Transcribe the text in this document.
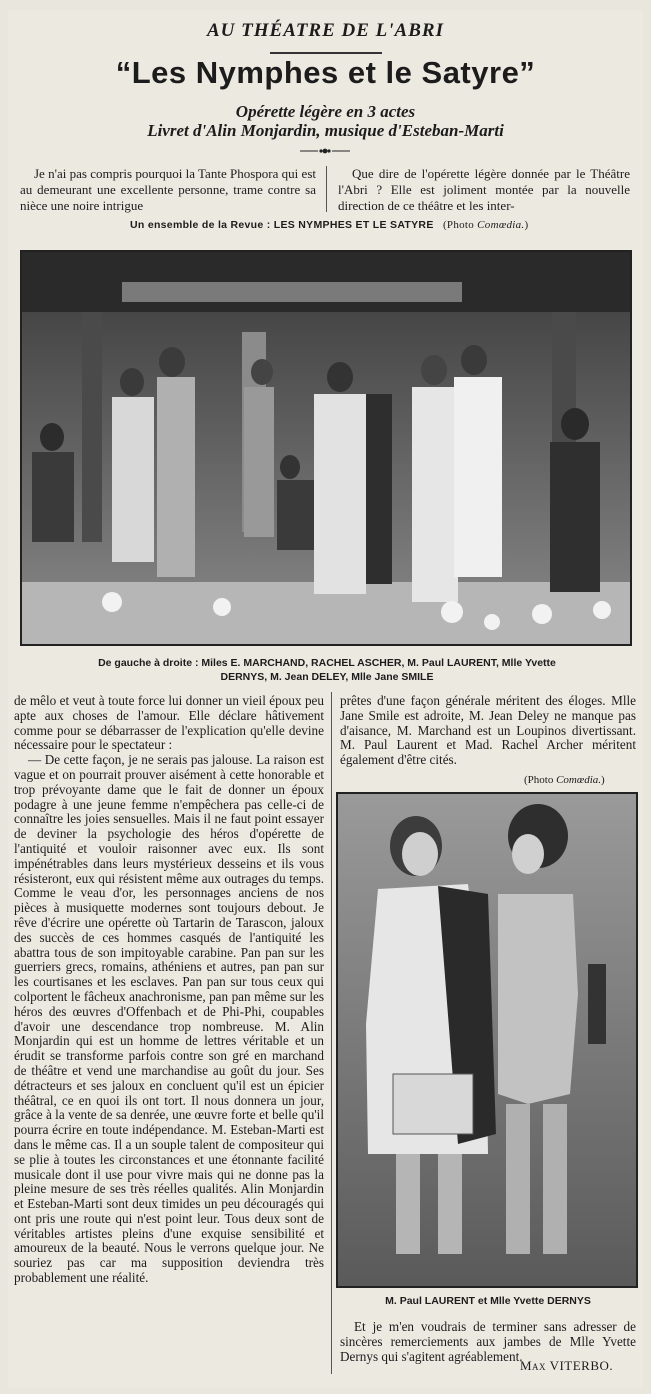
AU THÉATRE DE L'ABRI
“Les Nymphes et le Satyre”
Opérette légère en 3 actes
Livret d'Alin Monjardin, musique d'Esteban-Marti
Je n'ai pas compris pourquoi la Tante Phospora qui est au demeurant une excellente personne, trame contre sa nièce une noire intrigue
Que dire de l'opérette légère donnée par le Théâtre l'Abri ? Elle est joliment montée par la nouvelle direction de ce théâtre et les inter-
Un ensemble de la Revue : LES NYMPHES ET LE SATYRE (Photo Comœdia.)
De gauche à droite : Miles E. MARCHAND, RACHEL ASCHER, M. Paul LAURENT, Mlle Yvette
DERNYS, M. Jean DELEY, Mlle Jane SMILE

de mêlo et veut à toute force lui donner un vieil époux peu apte aux choses de l'amour. Elle déclare hâtivement comme pour se débarrasser de l'explication qu'elle devine nécessaire pour le spectateur :

— De cette façon, je ne serais pas jalouse. La raison est vague et on pourrait prouver aisément à cette honorable et trop prévoyante dame que le fait de donner un époux podagre à une jeune femme n'empêchera pas celle-ci de connaître les joies sensuelles. Mais il ne faut point essayer de deviner la psychologie des héros d'opérette de l'antiquité et vouloir raisonner avec eux. Ils sont impénétrables dans leurs mystérieux desseins et ils vous résisteront, eux qui résistent même aux outrages du temps. Comme le veau d'or, les personnages anciens de nos pièces à musiquette modernes sont toujours debout. Je rêve d'écrire une opérette où Tartarin de Tarascon, jaloux des succès de ces hommes casqués de l'antiquité les abattra tous de son impitoyable carabine. Pan pan sur les guerriers grecs, romains, athéniens et autres, pan pan sur les courtisanes et les esclaves. Pan pan sur tous ceux qui colportent le fâcheux anachronisme, pan pan même sur les héros des œuvres d'Offenbach et de Phi-Phi, coupables d'avoir une descendance trop nombreuse. M. Alin Monjardin qui est un homme de lettres véritable et un érudit se transforme parfois contre son gré en marchand de théâtre et vend une marchandise au goût du jour. Ses détracteurs et ses jaloux en concluent qu'il est un épicier théâtral, ce en quoi ils ont tort. Il nous donnera un jour, grâce à la vente de sa denrée, une œuvre forte et belle qu'il pourra écrire en toute indépendance. M. Esteban-Marti est dans le même cas. Il a un souple talent de compositeur qui se plie à toutes les circonstances et une étonnante facilité musicale dont il use pour vivre mais qui ne donne pas la pleine mesure de ses très réelles qualités. Alin Monjardin et Esteban-Marti sont deux timides un peu découragés qui ont pris une route qui n'est point leur. Tous deux sont de véritables artistes pleins d'une exquise sensibilité et amoureux de la beauté. Nous le verrons quelque jour. Ne souriez pas car ma supposition deviendra très probablement une réalité.

prêtes d'une façon générale méritent des éloges. Mlle Jane Smile est adroite, M. Jean Deley ne manque pas d'aisance, M. Marchand est un Loupinos divertissant. M. Paul Laurent et Mad. Rachel Archer méritent également d'être cités.

(Photo Comœdia.)
M. Paul LAURENT et Mlle Yvette DERNYS
Et je m'en voudrais de terminer sans adresser de sincères remerciements aux jambes de Mlle Yvette Dernys qui s'agitent agréablement.
Max VITERBO.
